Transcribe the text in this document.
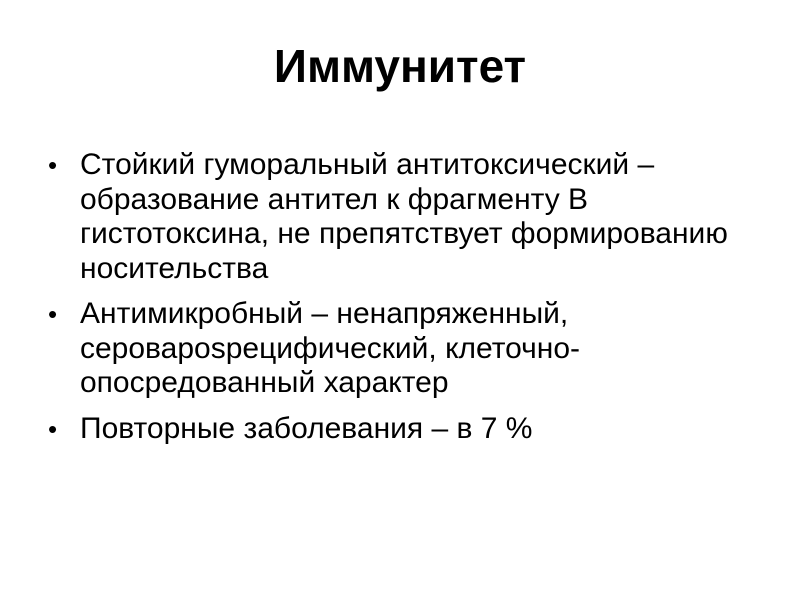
Иммунитет
• Стойкий гуморальный антитоксический – образование антител к фрагменту В гистотоксина, не препятствует формированию носительства
• Антимикробный – ненапряженный, сероварospецифический, клеточно-опосредованный характер
• Повторные заболевания – в 7 %
